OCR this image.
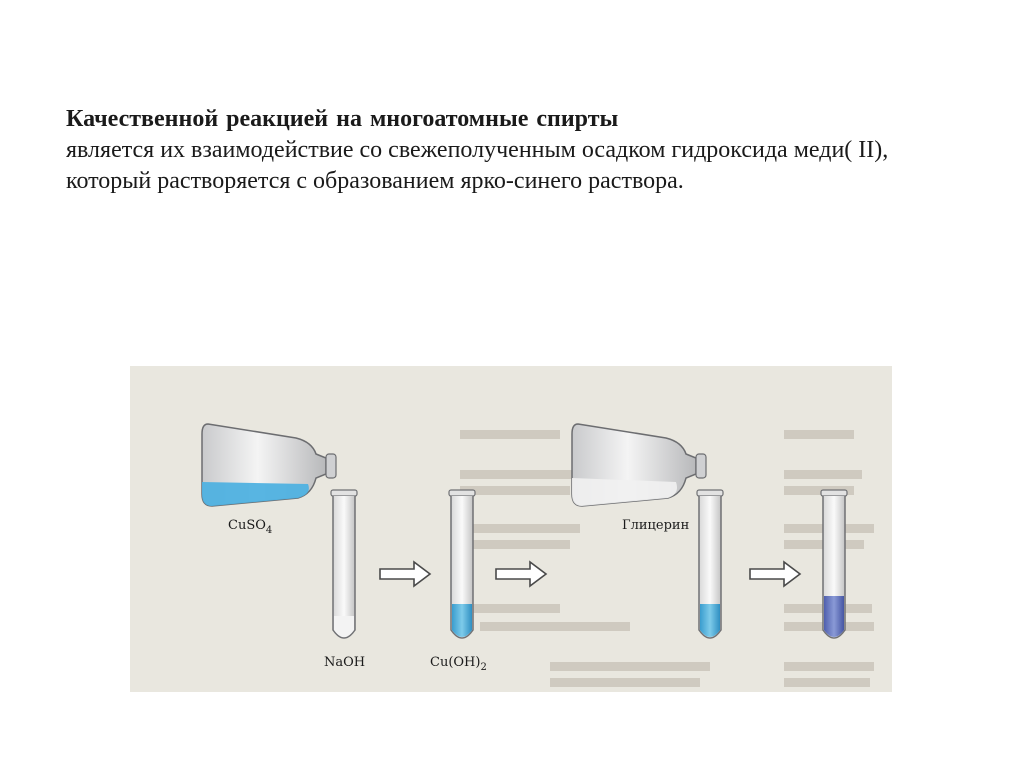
Качественной реакцией на многоатомные спирты
является их взаимодействие со свежеполученным осадком гидроксида меди( II), который растворяется с образованием ярко-синего раствора.
CuSO$_4$
NaOH	$Cu(OH)_2$
Глицерин
